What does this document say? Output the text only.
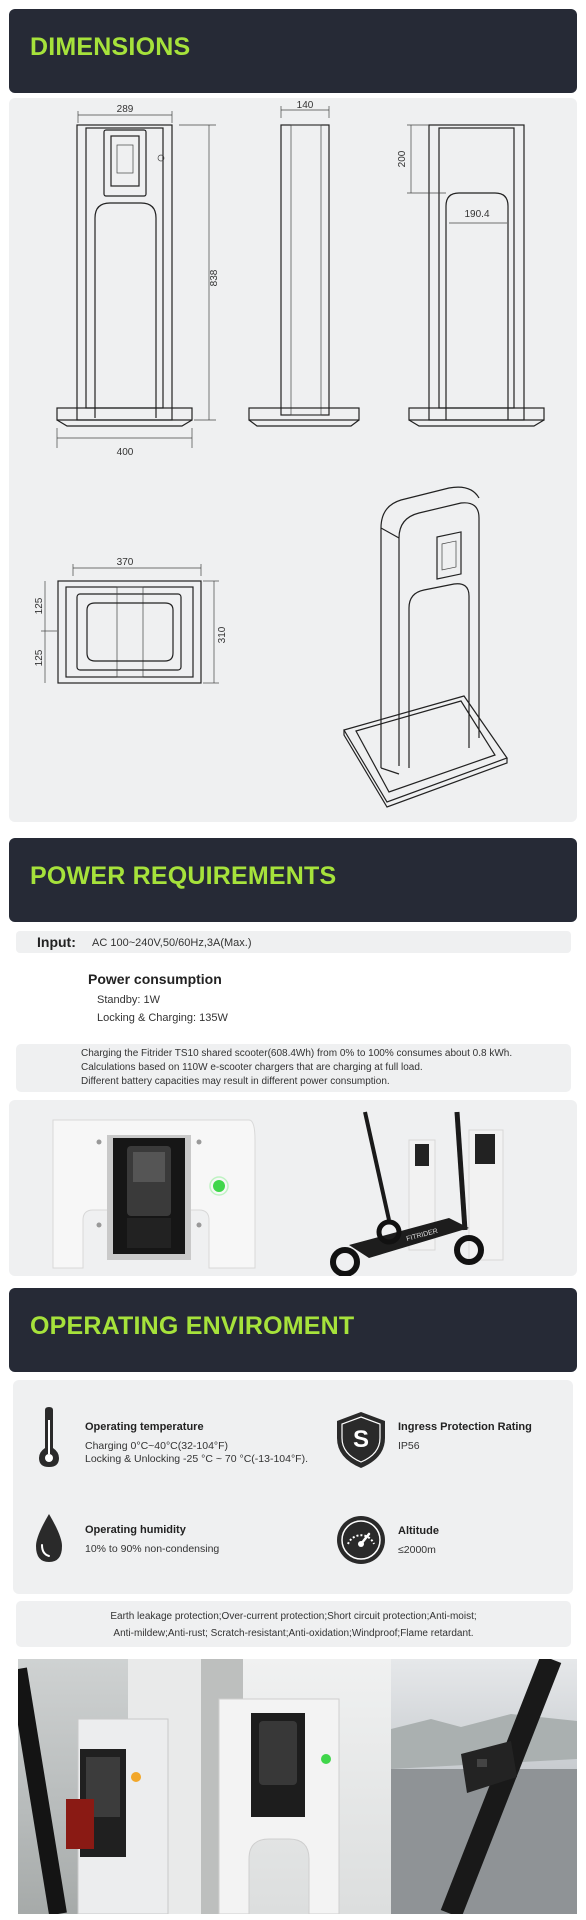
DIMENSIONS
289
838
400
140
200
190.4
370
310
125
125
POWER REQUIREMENTS
Input: AC 100~240V,50/60Hz,3A(Max.)
Power consumption
Standby: 1W
Locking & Charging: 135W
Charging the Fitrider TS10 shared scooter(608.4Wh) from 0% to 100% consumes about 0.8 kWh.
Calculations based on 110W e-scooter chargers that are charging at full load.
Different battery capacities may result in different power consumption.
FITRIDER
OPERATING ENVIROMENT
Operating temperature
Charging 0°C~40°C(32-104°F)
Locking & Unlocking -25 °C ~ 70 °C(-13-104°F).
S	Ingress Protection Rating
IP56
Operating humidity
10% to 90% non-condensing
Altitude
≤2000m
Earth leakage protection;Over-current protection;Short circuit protection;Anti-moist;
Anti-mildew;Anti-rust; Scratch-resistant;Anti-oxidation;Windproof;Flame retardant.
